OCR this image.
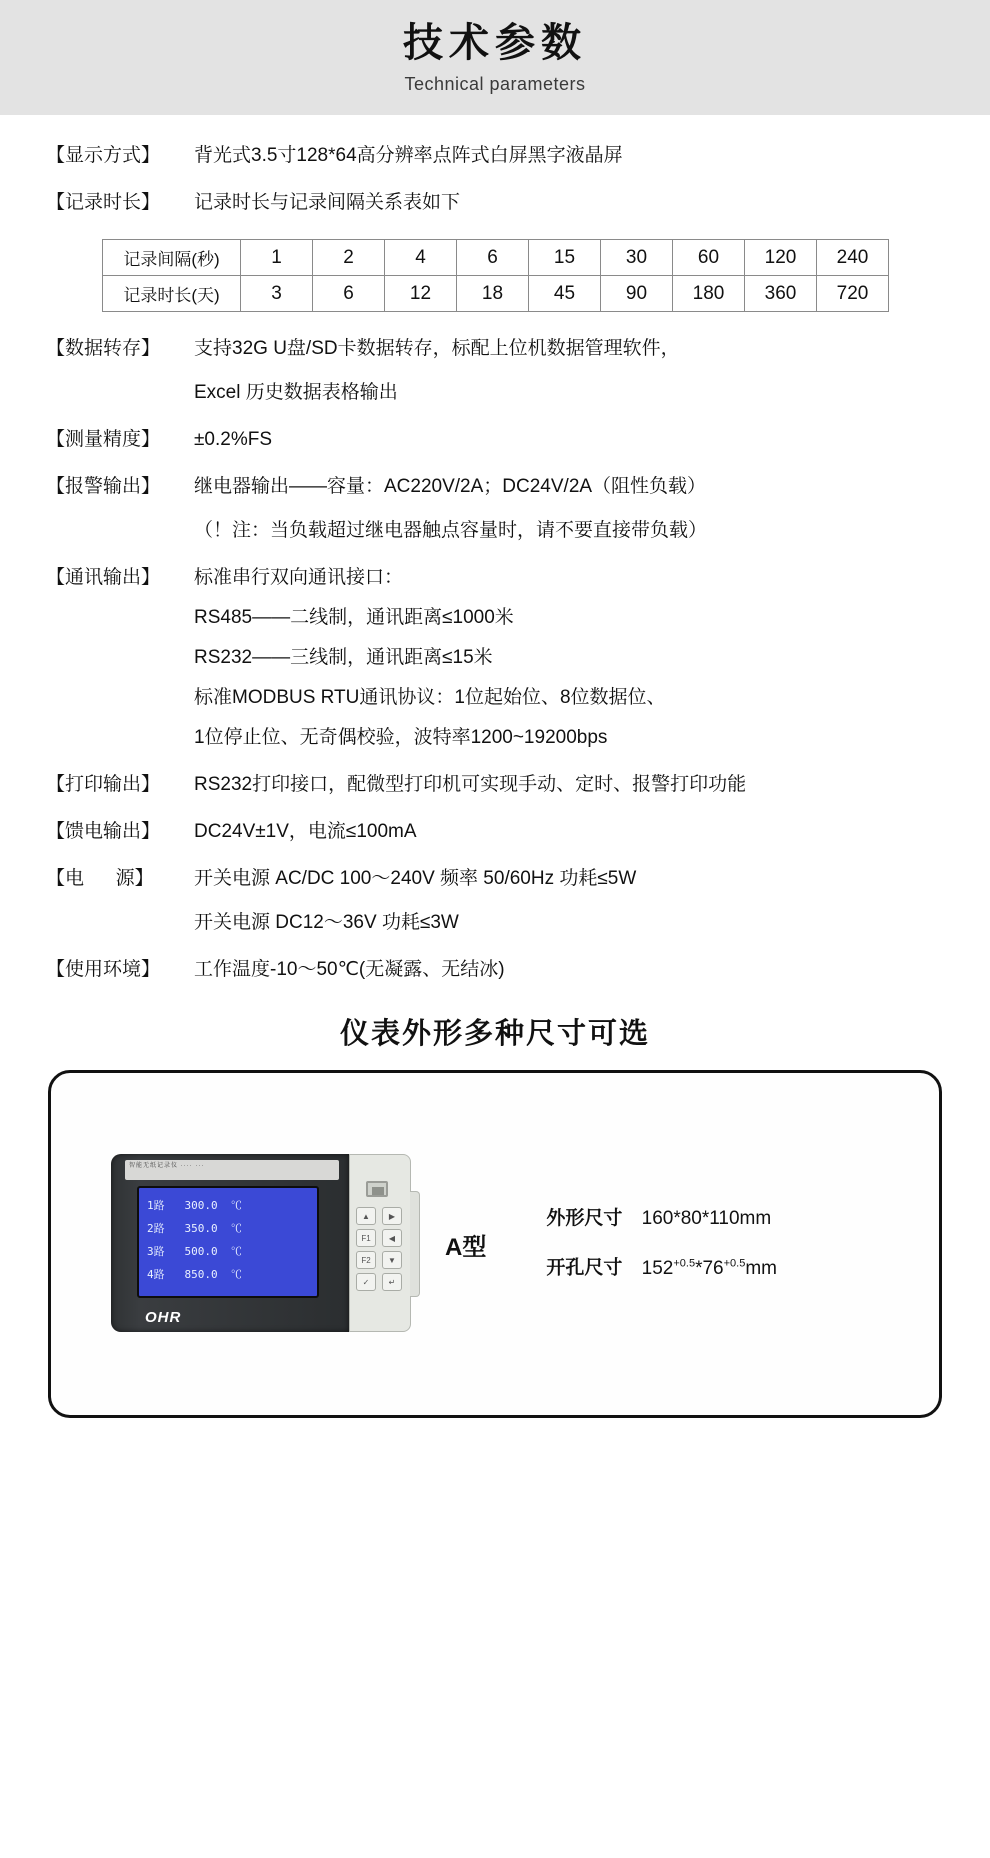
技术参数
Technical parameters
【显示方式】	背光式3.5寸128*64高分辨率点阵式白屏黑字液晶屏
【记录时长】	记录时长与记录间隔关系表如下
记录间隔(秒)	1	2	4	6	15	30	60	120	240
记录时长(天)	3	6	12	18	45	90	180	360	720
【数据转存】	支持32G U盘/SD卡数据转存，标配上位机数据管理软件，
Excel 历史数据表格输出
【测量精度】	±0.2%FS
【报警输出】	继电器输出——容量：AC220V/2A；DC24V/2A（阻性负载）
（！注：当负载超过继电器触点容量时，请不要直接带负载）
【通讯输出】	标准串行双向通讯接口：
RS485——二线制，通讯距离≤1000米
RS232——三线制，通讯距离≤15米
标准MODBUS RTU通讯协议：1位起始位、8位数据位、
1位停止位、无奇偶校验，波特率1200~19200bps
【打印输出】	RS232打印接口，配微型打印机可实现手动、定时、报警打印功能
【馈电输出】	DC24V±1V，电流≤100mA
【电      源】	开关电源 AC/DC 100〜240V 频率 50/60Hz 功耗≤5W
开关电源 DC12〜36V 功耗≤3W
【使用环境】	工作温度-10〜50℃(无凝露、无结冰)
仪表外形多种尺寸可选
智能无纸记录仪 ···· ···
1路   300.0  ℃
2路   350.0  ℃
3路   500.0  ℃
4路   850.0  ℃
OHR
▲	▶
F1	◀
F2	▼
✓	↵
A型
外形尺寸 160*80*110mm
开孔尺寸 $152^{+0.5}*76^{+0.5}mm$
